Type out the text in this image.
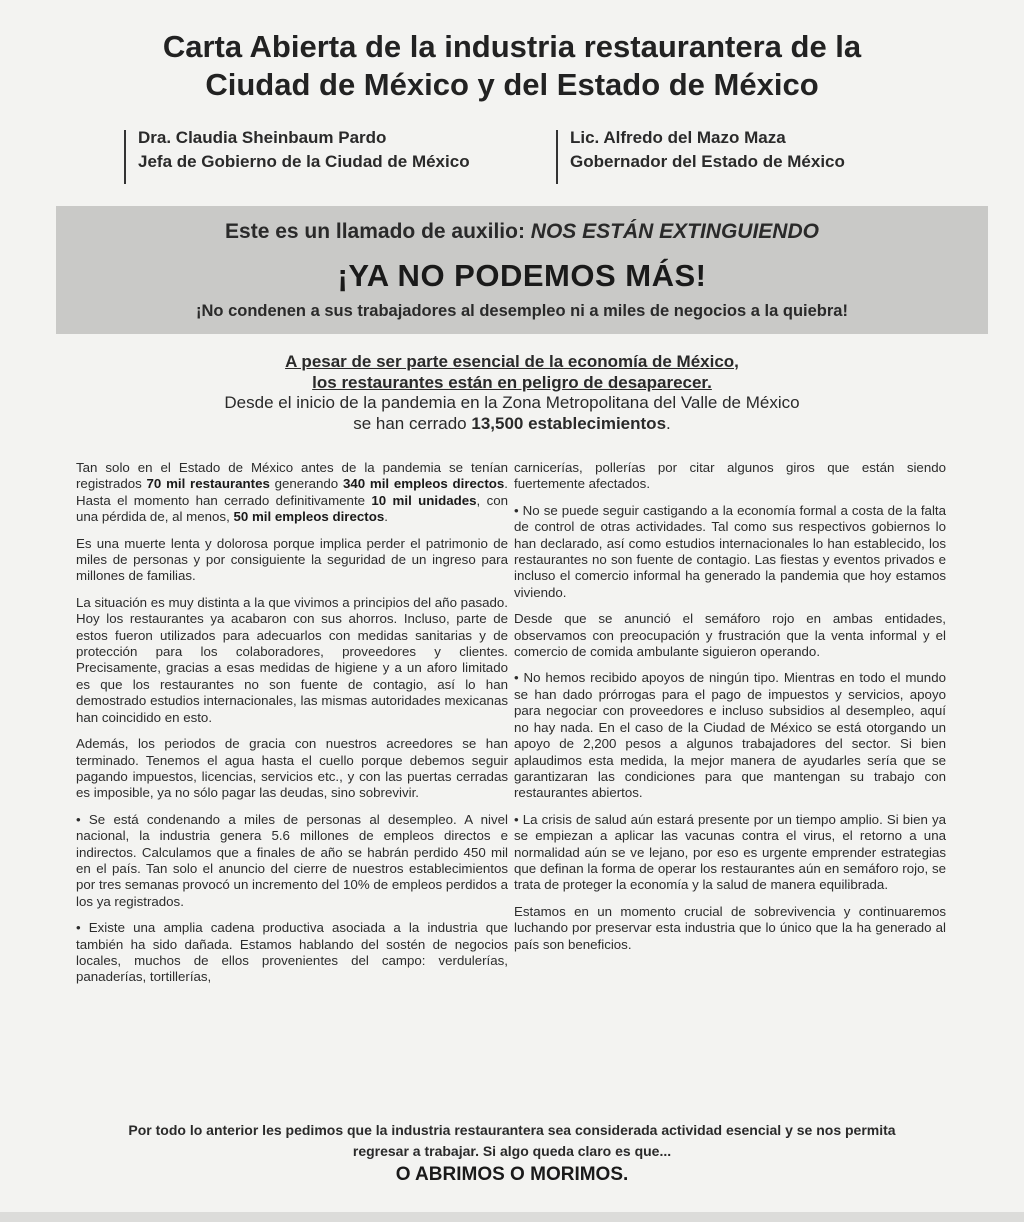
Carta Abierta de la industria restaurantera de la
Ciudad de México y del Estado de México
Dra. Claudia Sheinbaum Pardo
Jefa de Gobierno de la Ciudad de México
Lic. Alfredo del Mazo Maza
Gobernador del Estado de México
Este es un llamado de auxilio: NOS ESTÁN EXTINGUIENDO
¡YA NO PODEMOS MÁS!
¡No condenen a sus trabajadores al desempleo ni a miles de negocios a la quiebra!
A pesar de ser parte esencial de la economía de México,
los restaurantes están en peligro de desaparecer.
Desde el inicio de la pandemia en la Zona Metropolitana del Valle de México
se han cerrado 13,500 establecimientos.

Tan solo en el Estado de México antes de la pandemia se tenían registrados 70 mil restaurantes generando 340 mil empleos directos. Hasta el momento han cerrado definitivamente 10 mil unidades, con una pérdida de, al menos, 50 mil empleos directos.

Es una muerte lenta y dolorosa porque implica perder el patrimonio de miles de personas y por consiguiente la seguridad de un ingreso para millones de familias.

La situación es muy distinta a la que vivimos a principios del año pasado. Hoy los restaurantes ya acabaron con sus ahorros. Incluso, parte de estos fueron utilizados para adecuarlos con medidas sanitarias y de protección para los colaboradores, proveedores y clientes. Precisamente, gracias a esas medidas de higiene y a un aforo limitado es que los restaurantes no son fuente de contagio, así lo han demostrado estudios internacionales, las mismas autoridades mexicanas han coincidido en esto.

Además, los periodos de gracia con nuestros acreedores se han terminado. Tenemos el agua hasta el cuello porque debemos seguir pagando impuestos, licencias, servicios etc., y con las puertas cerradas es imposible, ya no sólo pagar las deudas, sino sobrevivir.

• Se está condenando a miles de personas al desempleo. A nivel nacional, la industria genera 5.6 millones de empleos directos e indirectos. Calculamos que a finales de año se habrán perdido 450 mil en el país. Tan solo el anuncio del cierre de nuestros establecimientos por tres semanas provocó un incremento del 10% de empleos perdidos a los ya registrados.

• Existe una amplia cadena productiva asociada a la industria que también ha sido dañada. Estamos hablando del sostén de negocios locales, muchos de ellos provenientes del campo: verdulerías, panaderías, tortillerías,

carnicerías, pollerías por citar algunos giros que están siendo fuertemente afectados.

• No se puede seguir castigando a la economía formal a costa de la falta de control de otras actividades. Tal como sus respectivos gobiernos lo han declarado, así como estudios internacionales lo han establecido, los restaurantes no son fuente de contagio. Las fiestas y eventos privados e incluso el comercio informal ha generado la pandemia que hoy estamos viviendo.

Desde que se anunció el semáforo rojo en ambas entidades, observamos con preocupación y frustración que la venta informal y el comercio de comida ambulante siguieron operando.

• No hemos recibido apoyos de ningún tipo. Mientras en todo el mundo se han dado prórrogas para el pago de impuestos y servicios, apoyo para negociar con proveedores e incluso subsidios al desempleo, aquí no hay nada. En el caso de la Ciudad de México se está otorgando un apoyo de 2,200 pesos a algunos trabajadores del sector. Si bien aplaudimos esta medida, la mejor manera de ayudarles sería que se garantizaran las condiciones para que mantengan su trabajo con restaurantes abiertos.

• La crisis de salud aún estará presente por un tiempo amplio. Si bien ya se empiezan a aplicar las vacunas contra el virus, el retorno a una normalidad aún se ve lejano, por eso es urgente emprender estrategias que definan la forma de operar los restaurantes aún en semáforo rojo, se trata de proteger la economía y la salud de manera equilibrada.

Estamos en un momento crucial de sobrevivencia y continuaremos luchando por preservar esta industria que lo único que la ha generado al país son beneficios.

Por todo lo anterior les pedimos que la industria restaurantera sea considerada actividad esencial y se nos permita regresar a trabajar. Si algo queda claro es que...
O ABRIMOS O MORIMOS.
